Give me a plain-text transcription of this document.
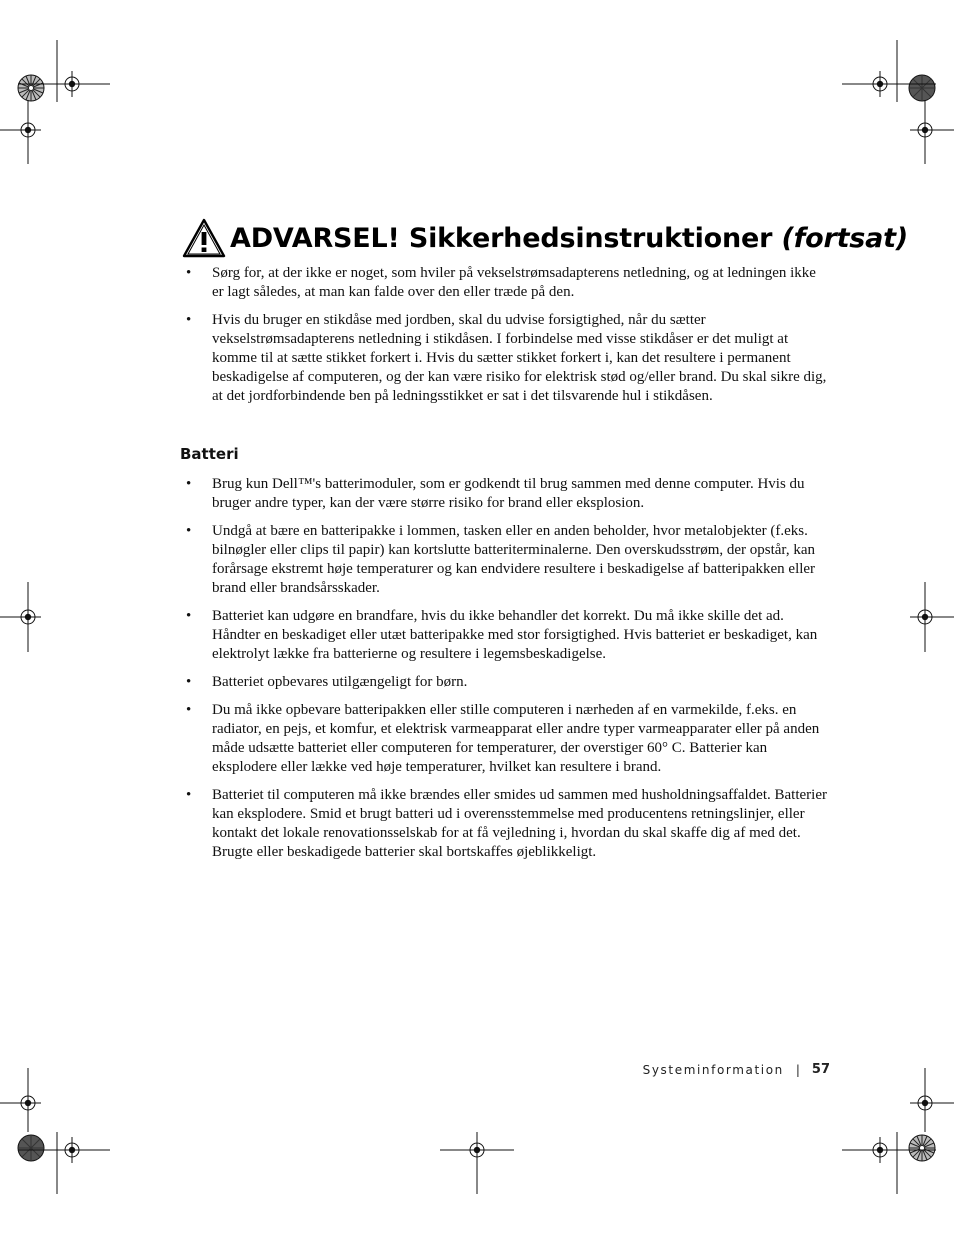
ADVARSEL! Sikkerhedsinstruktioner (fortsat)
• Sørg for, at der ikke er noget, som hviler på vekselstrømsadapterens netledning, og at ledningen ikke er lagt således, at man kan falde over den eller træde på den.
• Hvis du bruger en stikdåse med jordben, skal du udvise forsigtighed, når du sætter vekselstrømsadapterens netledning i stikdåsen. I forbindelse med visse stikdåser er det muligt at komme til at sætte stikket forkert i. Hvis du sætter stikket forkert i, kan det resultere i permanent beskadigelse af computeren, og der kan være risiko for elektrisk stød og/eller brand. Du skal sikre dig, at det jordforbindende ben på ledningsstikket er sat i det tilsvarende hul i stikdåsen.
Batteri
• Brug kun Dell™'s batterimoduler, som er godkendt til brug sammen med denne computer. Hvis du bruger andre typer, kan der være større risiko for brand eller eksplosion.
• Undgå at bære en batteripakke i lommen, tasken eller en anden beholder, hvor metalobjekter (f.eks. bilnøgler eller clips til papir) kan kortslutte batteriterminalerne. Den overskudsstrøm, der opstår, kan forårsage ekstremt høje temperaturer og kan endvidere resultere i beskadigelse af batteripakken eller brand eller brandsårsskader.
• Batteriet kan udgøre en brandfare, hvis du ikke behandler det korrekt. Du må ikke skille det ad. Håndter en beskadiget eller utæt batteripakke med stor forsigtighed. Hvis batteriet er beskadiget, kan elektrolyt lække fra batterierne og resultere i legemsbeskadigelse.
• Batteriet opbevares utilgængeligt for børn.
• Du må ikke opbevare batteripakken eller stille computeren i nærheden af en varmekilde, f.eks. en radiator, en pejs, et komfur, et elektrisk varmeapparat eller andre typer varmeapparater eller på anden måde udsætte batteriet eller computeren for temperaturer, der overstiger 60° C. Batterier kan eksplodere eller lække ved høje temperaturer, hvilket kan resultere i brand.
• Batteriet til computeren må ikke brændes eller smides ud sammen med husholdningsaffaldet. Batterier kan eksplodere. Smid et brugt batteri ud i overensstemmelse med producentens retningslinjer, eller kontakt det lokale renovationsselskab for at få vejledning i, hvordan du skal skaffe dig af med det. Brugte eller beskadigede batterier skal bortskaffes øjeblikkeligt.
Systeminformation | 57
